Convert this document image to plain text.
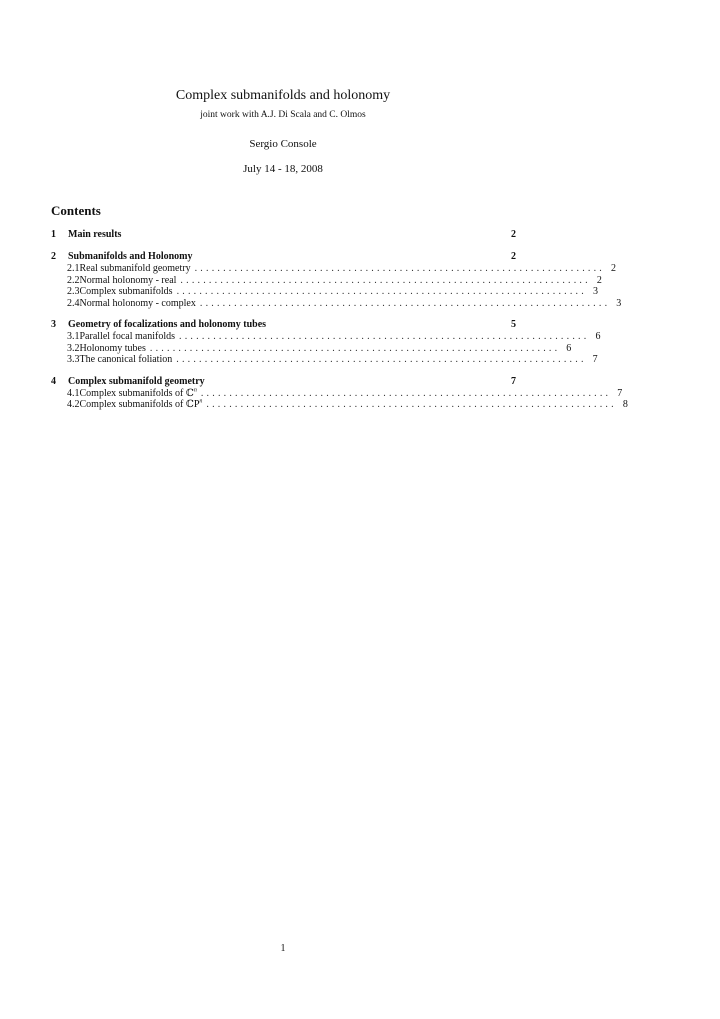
Complex submanifolds and holonomy
joint work with A.J. Di Scala and C. Olmos
Sergio Console
July 14 - 18, 2008
Contents
1	Main results	2
2	Submanifolds and Holonomy	2
2.1 Real submanifold geometry ........................................................................ 2
2.2 Normal holonomy - real ........................................................................ 2
2.3 Complex submanifolds ........................................................................ 3
2.4 Normal holonomy - complex ........................................................................ 3
3	Geometry of focalizations and holonomy tubes	5
3.1 Parallel focal manifolds ........................................................................ 6
3.2 Holonomy tubes ........................................................................ 6
3.3 The canonical foliation ........................................................................ 7
4	Complex submanifold geometry	7
4.1 Complex submanifolds of ℂ$^n$ ........................................................................ 7
4.2 Complex submanifolds of ℂP$^n$ ........................................................................ 8
1
